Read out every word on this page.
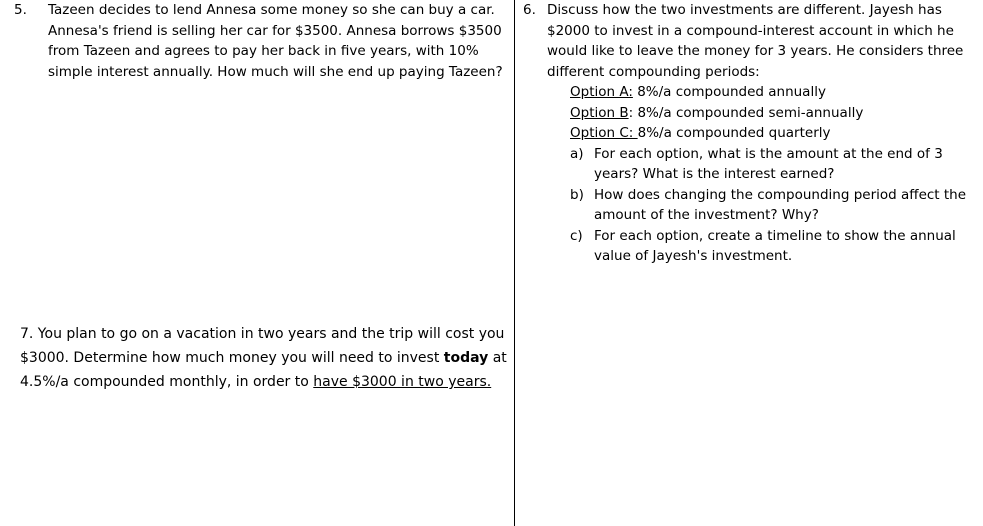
5.	Tazeen decides to lend Annesa some money so she can buy a car. Annesa's friend is selling her car for $3500. Annesa borrows $3500 from Tazeen and agrees to pay her back in five years, with 10% simple interest annually. How much will she end up paying Tazeen?
6. Discuss how the two investments are different. Jayesh has $2000 to invest in a compound-interest account in which he would like to leave the money for 3 years. He considers three different compounding periods:
Option A: 8%/a compounded annually
Option B: 8%/a compounded semi-annually
Option C: 8%/a compounded quarterly
a) For each option, what is the amount at the end of 3 years? What is the interest earned?
b) How does changing the compounding period affect the amount of the investment? Why?
c) For each option, create a timeline to show the annual value of Jayesh's investment.
7. You plan to go on a vacation in two years and the trip will cost you $3000. Determine how much money you will need to invest today at 4.5%/a compounded monthly, in order to have $3000 in two years.
